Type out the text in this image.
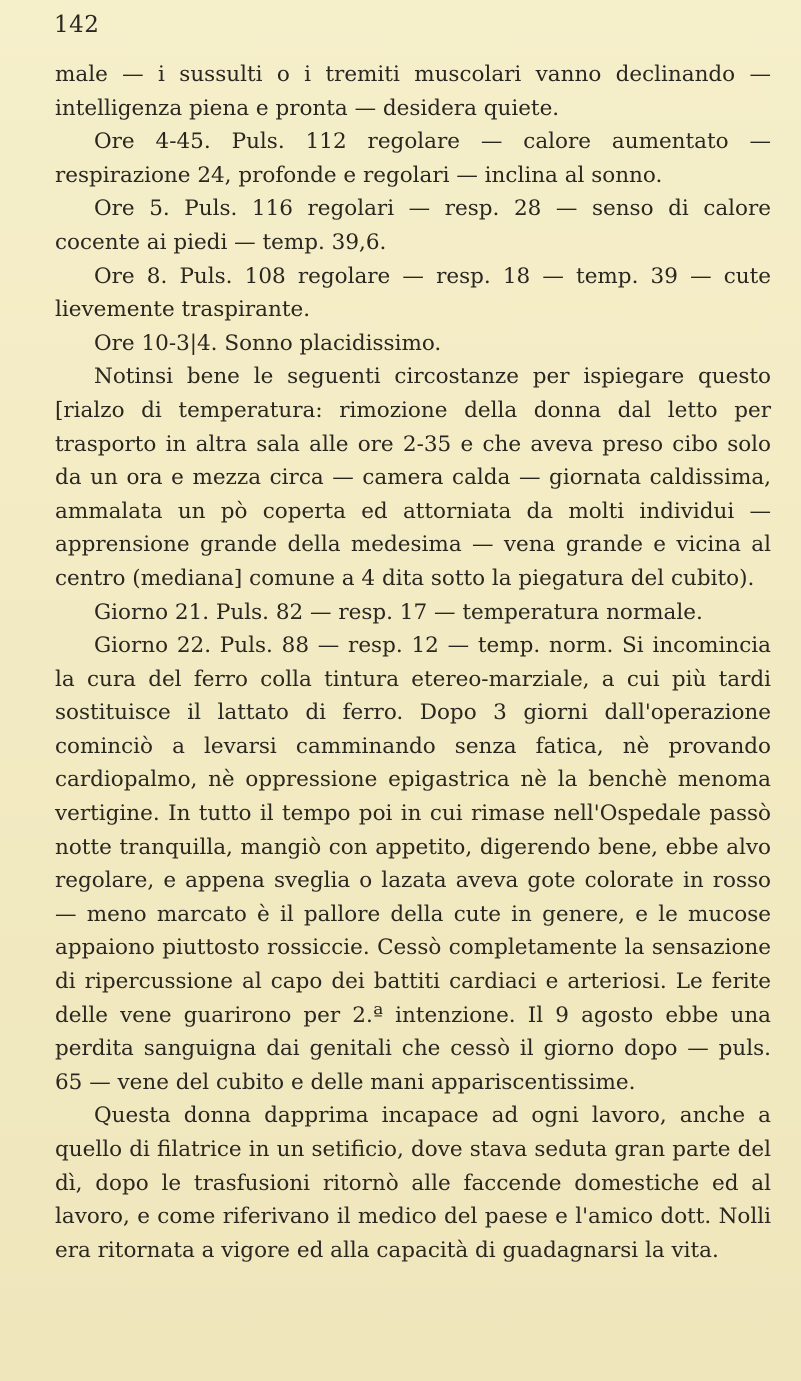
142

male — i sussulti o i tremiti muscolari vanno declinando — intelligenza piena e pronta — desidera quiete.

Ore 4-45. Puls. 112 regolare — calore aumentato — respirazione 24, profonde e regolari — inclina al sonno.

Ore 5. Puls. 116 regolari — resp. 28 — senso di calore cocente ai piedi — temp. 39,6.

Ore 8. Puls. 108 regolare — resp. 18 — temp. 39 — cute lievemente traspirante.

Ore 10-3|4. Sonno placidissimo.

Notinsi bene le seguenti circostanze per ispiegare questo [rialzo di temperatura: rimozione della donna dal letto per trasporto in altra sala alle ore 2-35 e che aveva preso cibo solo da un ora e mezza circa — camera calda — giornata caldissima, ammalata un pò coperta ed attorniata da molti individui — apprensione grande della medesima — vena grande e vicina al centro (mediana] comune a 4 dita sotto la piegatura del cubito).

Giorno 21. Puls. 82 — resp. 17 — temperatura normale.

Giorno 22. Puls. 88 — resp. 12 — temp. norm. Si incomincia la cura del ferro colla tintura etereo-marziale, a cui più tardi sostituisce il lattato di ferro. Dopo 3 giorni dall'operazione cominciò a levarsi camminando senza fatica, nè provando cardiopalmo, nè oppressione epigastrica nè la benchè menoma vertigine. In tutto il tempo poi in cui rimase nell'Ospedale passò notte tranquilla, mangiò con appetito, digerendo bene, ebbe alvo regolare, e appena sveglia o lazata aveva gote colorate in rosso — meno marcato è il pallore della cute in genere, e le mucose appaiono piuttosto rossiccie. Cessò completamente la sensazione di ripercussione al capo dei battiti cardiaci e arteriosi. Le ferite delle vene guarirono per 2.ª intenzione. Il 9 agosto ebbe una perdita sanguigna dai genitali che cessò il giorno dopo — puls. 65 — vene del cubito e delle mani appariscentissime.

Questa donna dapprima incapace ad ogni lavoro, anche a quello di filatrice in un setificio, dove stava seduta gran parte del dì, dopo le trasfusioni ritornò alle faccende domestiche ed al lavoro, e come riferivano il medico del paese e l'amico dott. Nolli era ritornata a vigore ed alla capacità di guadagnarsi la vita.
